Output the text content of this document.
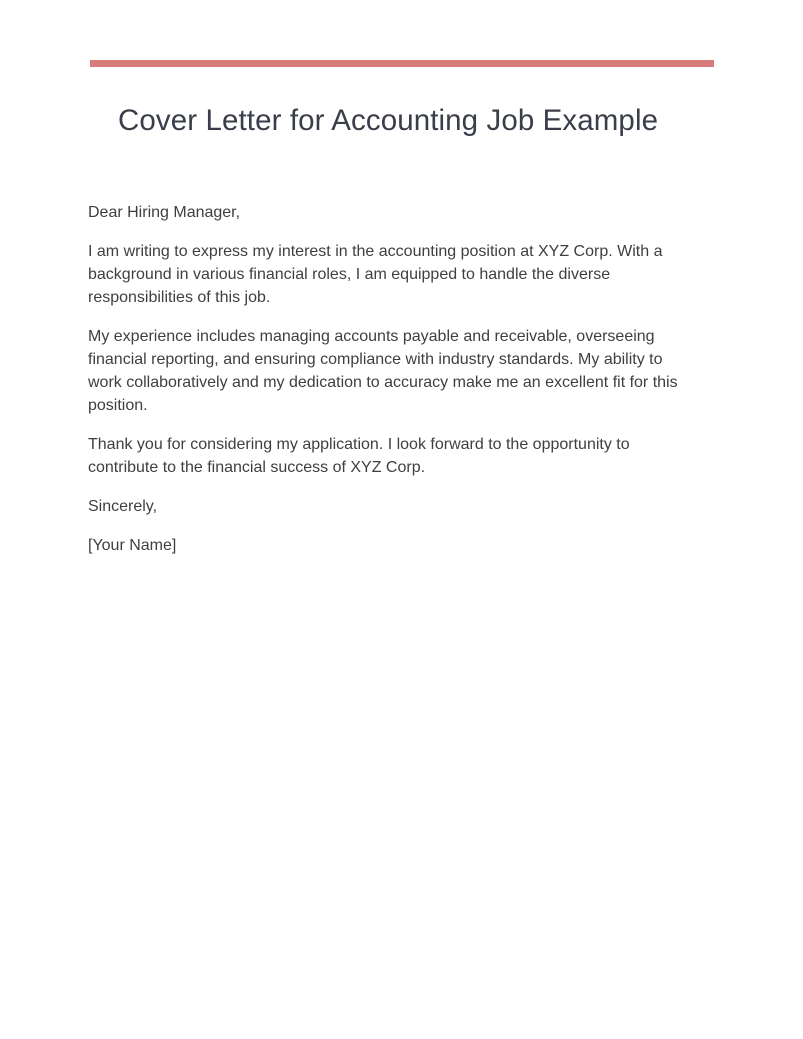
Cover Letter for Accounting Job Example

Dear Hiring Manager,

I am writing to express my interest in the accounting position at XYZ Corp. With a background in various financial roles, I am equipped to handle the diverse responsibilities of this job.

My experience includes managing accounts payable and receivable, overseeing financial reporting, and ensuring compliance with industry standards. My ability to work collaboratively and my dedication to accuracy make me an excellent fit for this position.

Thank you for considering my application. I look forward to the opportunity to contribute to the financial success of XYZ Corp.

Sincerely,

[Your Name]
